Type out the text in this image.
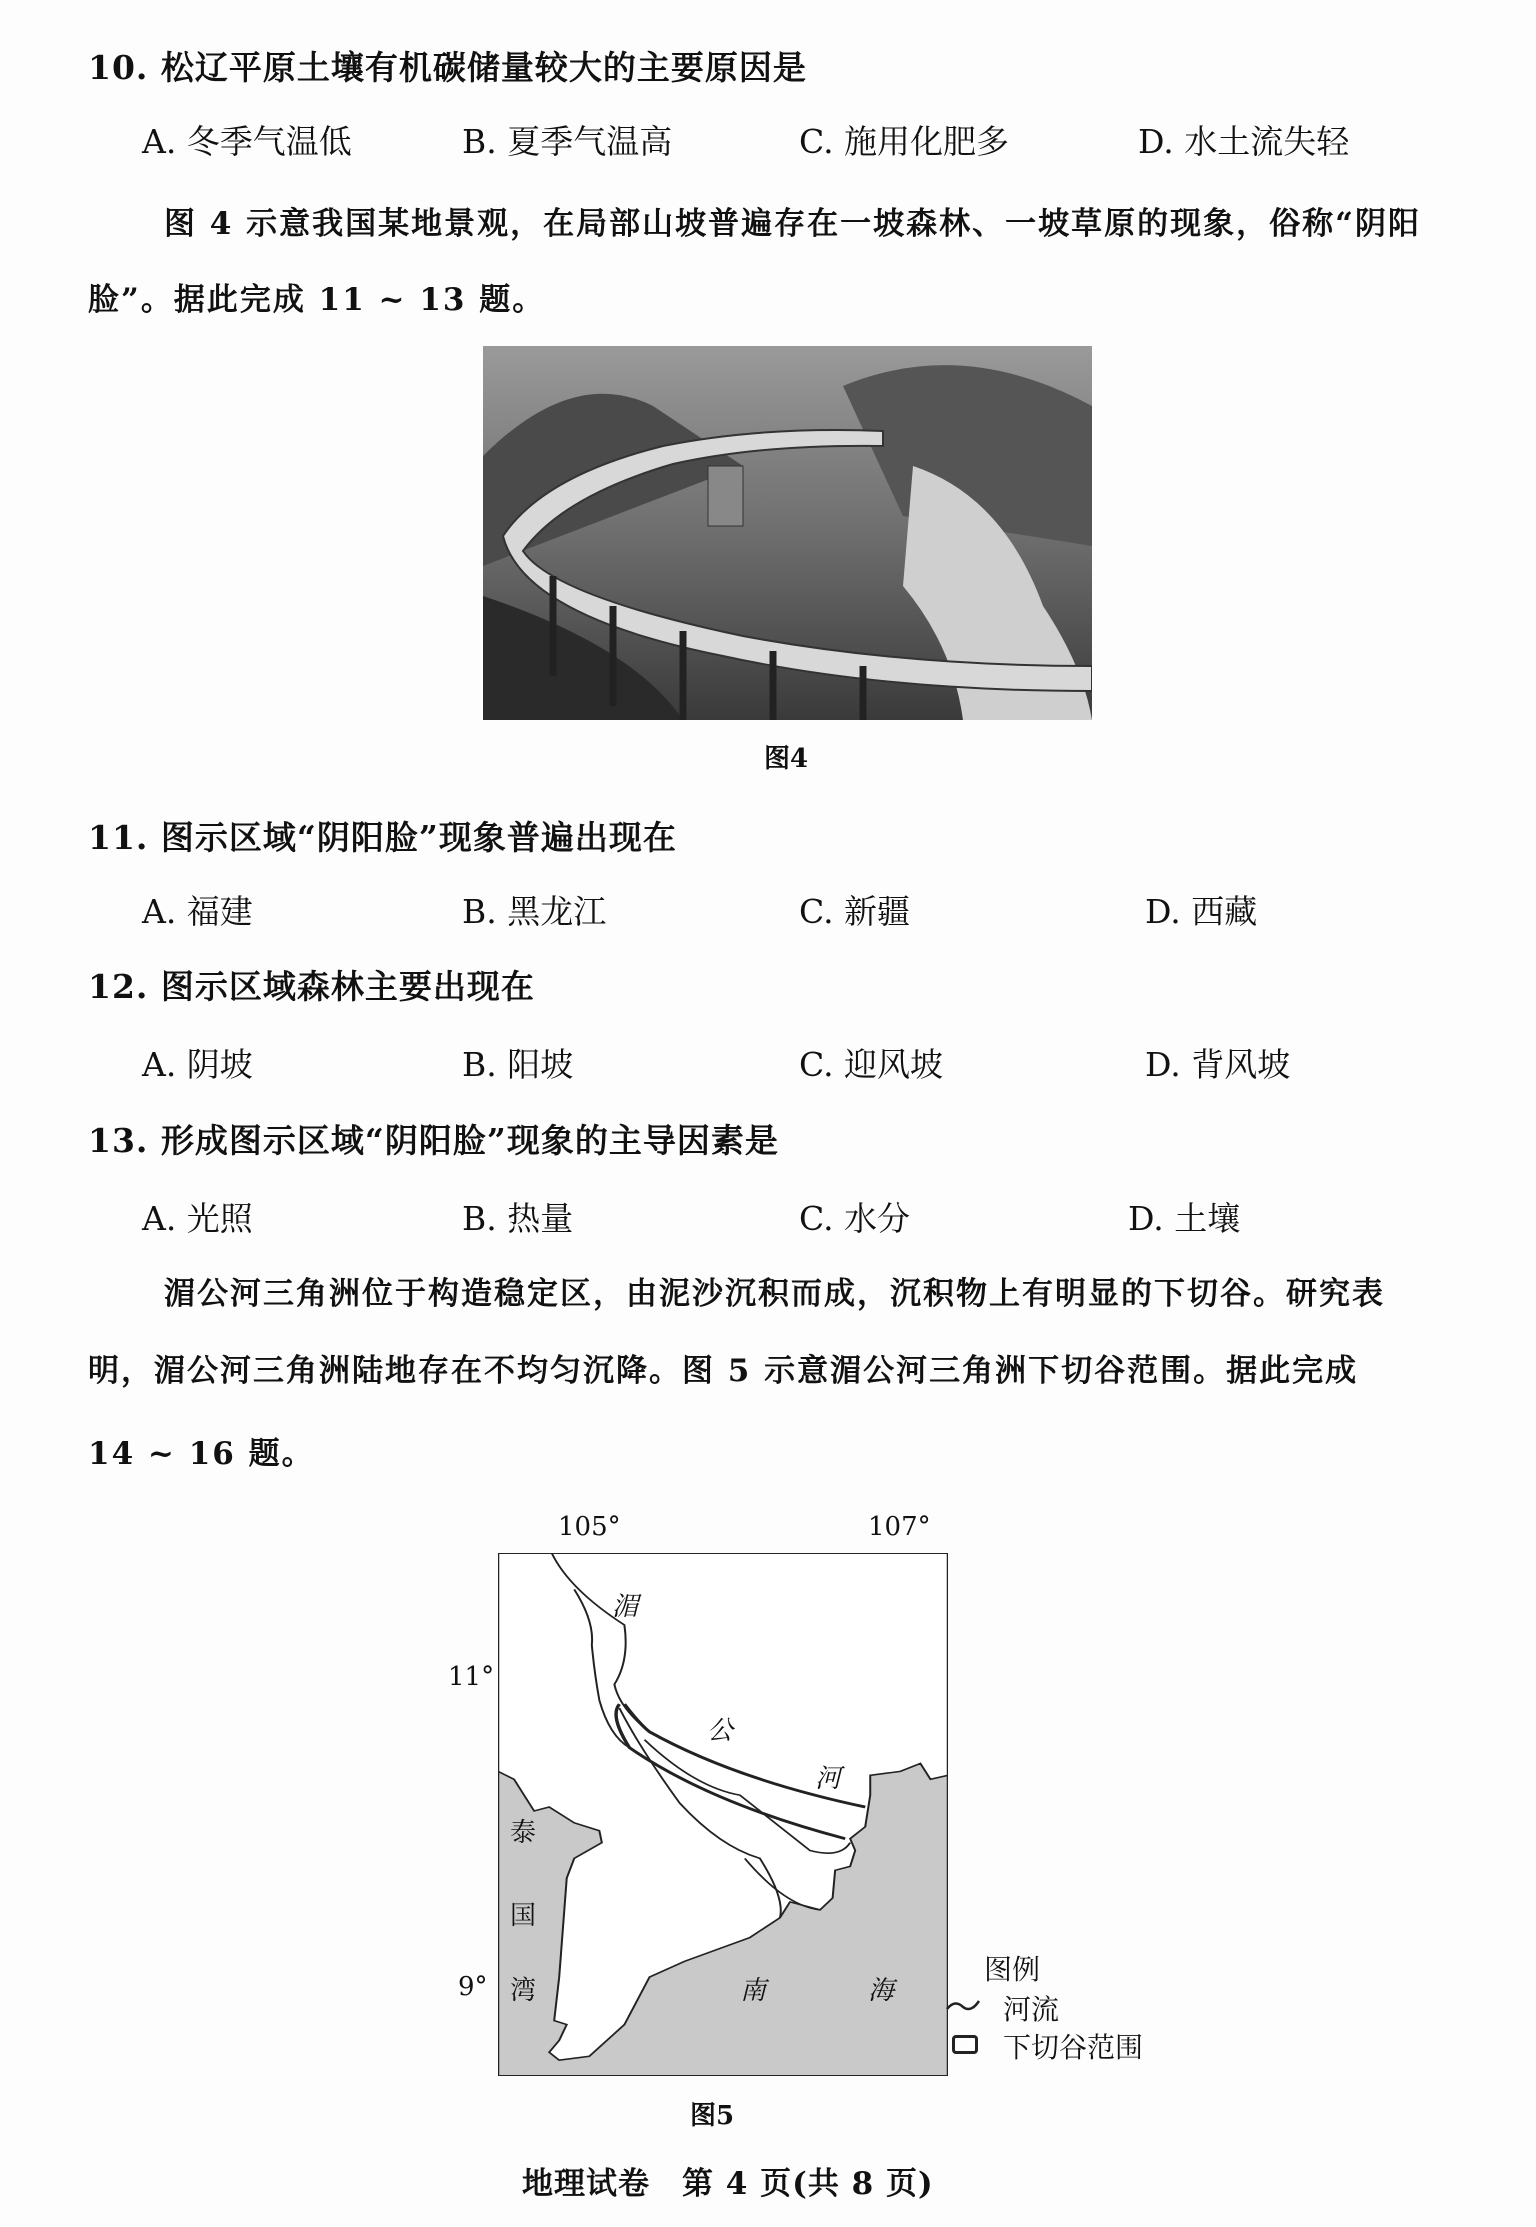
10. 松辽平原土壤有机碳储量较大的主要原因是
A. 冬季气温低	B. 夏季气温高	C. 施用化肥多	D. 水土流失轻
图 4 示意我国某地景观，在局部山坡普遍存在一坡森林、一坡草原的现象，俗称“阴阳
脸”。据此完成 11 ~ 13 题。
图4
11. 图示区域“阴阳脸”现象普遍出现在
A. 福建	B. 黑龙江	C. 新疆	D. 西藏
12. 图示区域森林主要出现在
A. 阴坡	B. 阳坡	C. 迎风坡	D. 背风坡
13. 形成图示区域“阴阳脸”现象的主导因素是
A. 光照	B. 热量	C. 水分	D. 土壤
湄公河三角洲位于构造稳定区，由泥沙沉积而成，沉积物上有明显的下切谷。研究表
明，湄公河三角洲陆地存在不均匀沉降。图 5 示意湄公河三角洲下切谷范围。据此完成
14 ~ 16 题。
105°	107°
11°
9°
湄
公
河
泰
国
湾	南	海
图例
河流
下切谷范围
图5
地理试卷　第 4 页(共 8 页)
